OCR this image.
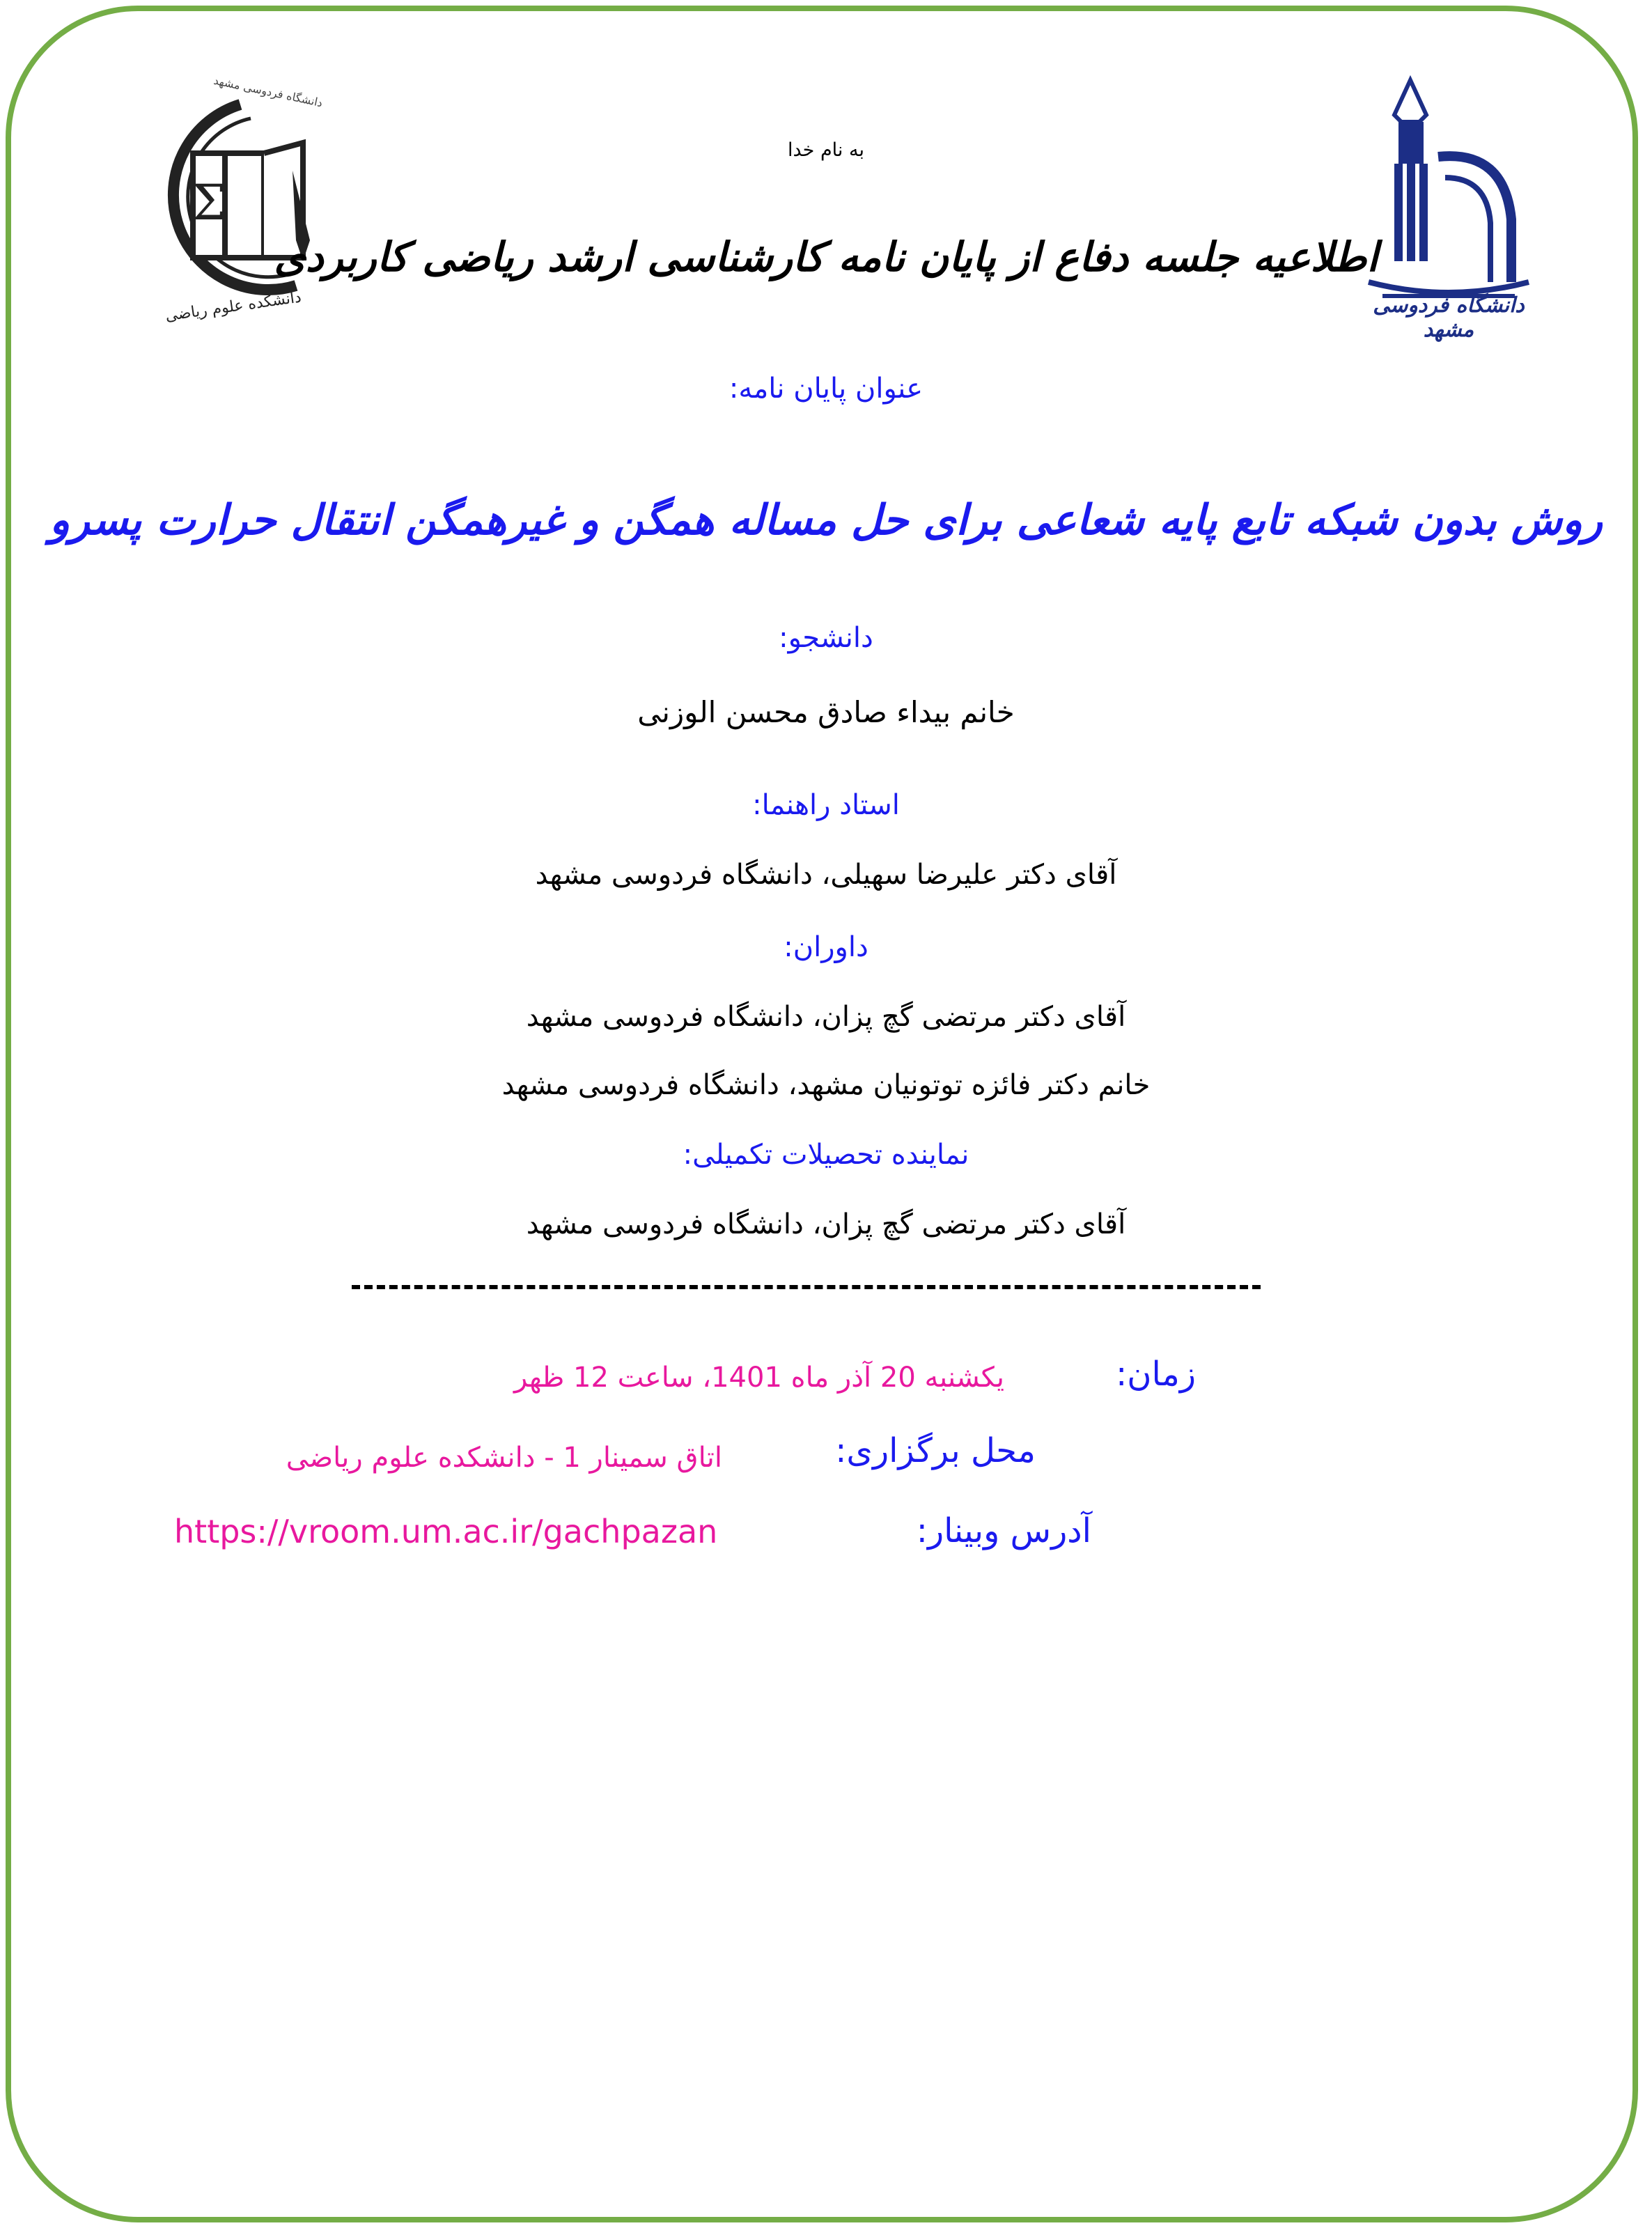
Σ
دانشکده علوم ریاضی
دانشگاه فردوسی مشهد
دانشگاه فردوسی مشهد
به نام خدا
اطلاعیه جلسه دفاع از پایان نامه کارشناسی ارشد ریاضی کاربردی
عنوان پایان نامه:
روش بدون شبکه تابع پایه شعاعی برای حل مساله همگن و غیرهمگن انتقال حرارت پسرو
دانشجو:
خانم بیداء صادق محسن الوزنی
استاد راهنما:
آقای دکتر علیرضا سهیلی، دانشگاه فردوسی مشهد
داوران:
آقای دکتر مرتضی گچ پزان، دانشگاه فردوسی مشهد
خانم دکتر فائزه توتونیان مشهد، دانشگاه فردوسی مشهد
نماینده تحصیلات تکمیلی:
آقای دکتر مرتضی گچ پزان، دانشگاه فردوسی مشهد
زمان:
یکشنبه 20 آذر ماه 1401، ساعت 12 ظهر
محل برگزاری:
اتاق سمینار 1 - دانشکده علوم ریاضی
آدرس وبینار:
https://vroom.um.ac.ir/gachpazan
